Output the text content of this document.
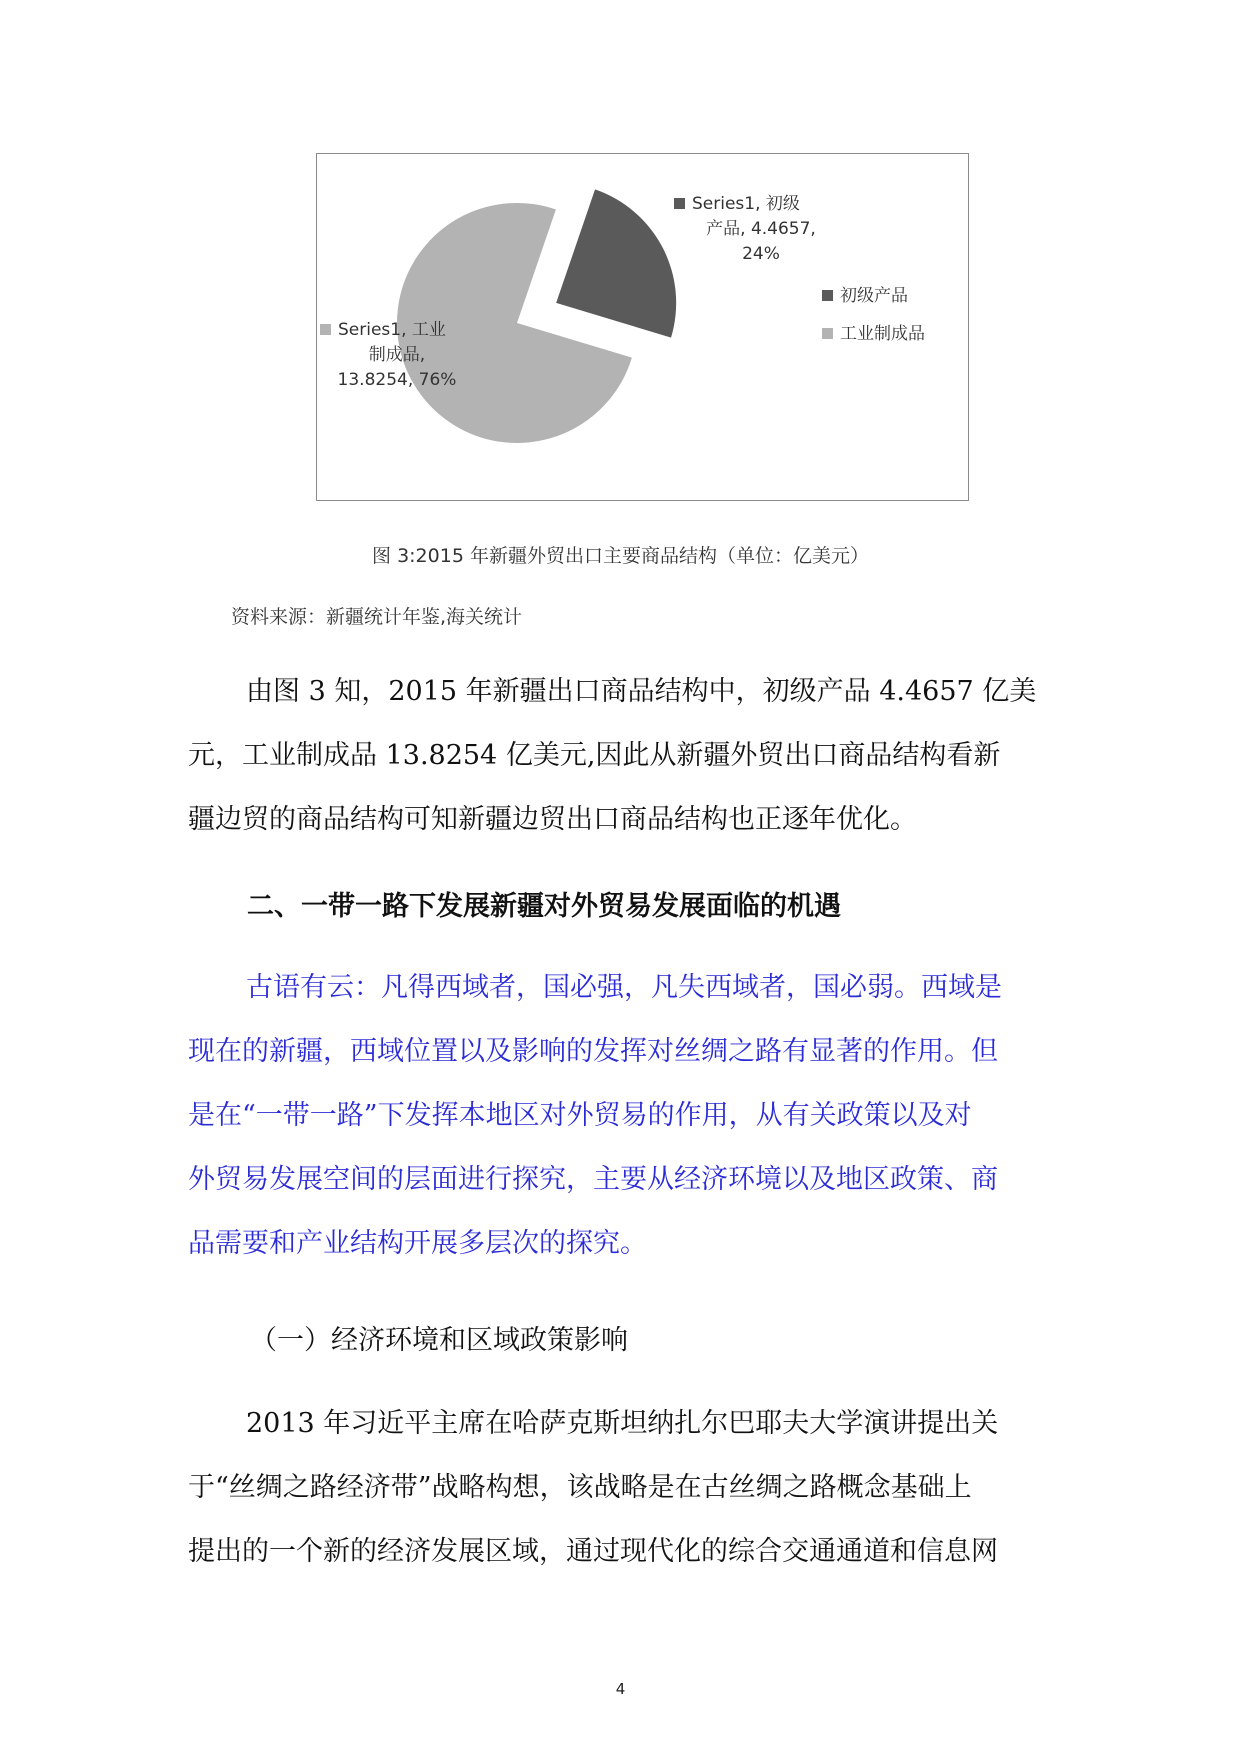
Series1, 初级
产品, 4.4657,
24%
Series1, 工业
制成品,
13.8254, 76%
初级产品
工业制成品
图 3:2015 年新疆外贸出口主要商品结构（单位：亿美元）
资料来源：新疆统计年鉴,海关统计
由图 3 知，2015 年新疆出口商品结构中，初级产品 4.4657 亿美
元，工业制成品 13.8254 亿美元,因此从新疆外贸出口商品结构看新
疆边贸的商品结构可知新疆边贸出口商品结构也正逐年优化。
二、一带一路下发展新疆对外贸易发展面临的机遇
古语有云：凡得西域者，国必强，凡失西域者，国必弱。西域是
现在的新疆，西域位置以及影响的发挥对丝绸之路有显著的作用。但
是在“一带一路”下发挥本地区对外贸易的作用，从有关政策以及对
外贸易发展空间的层面进行探究，主要从经济环境以及地区政策、商
品需要和产业结构开展多层次的探究。
（一）经济环境和区域政策影响
2013 年习近平主席在哈萨克斯坦纳扎尔巴耶夫大学演讲提出关
于“丝绸之路经济带”战略构想，该战略是在古丝绸之路概念基础上
提出的一个新的经济发展区域，通过现代化的综合交通通道和信息网
4
